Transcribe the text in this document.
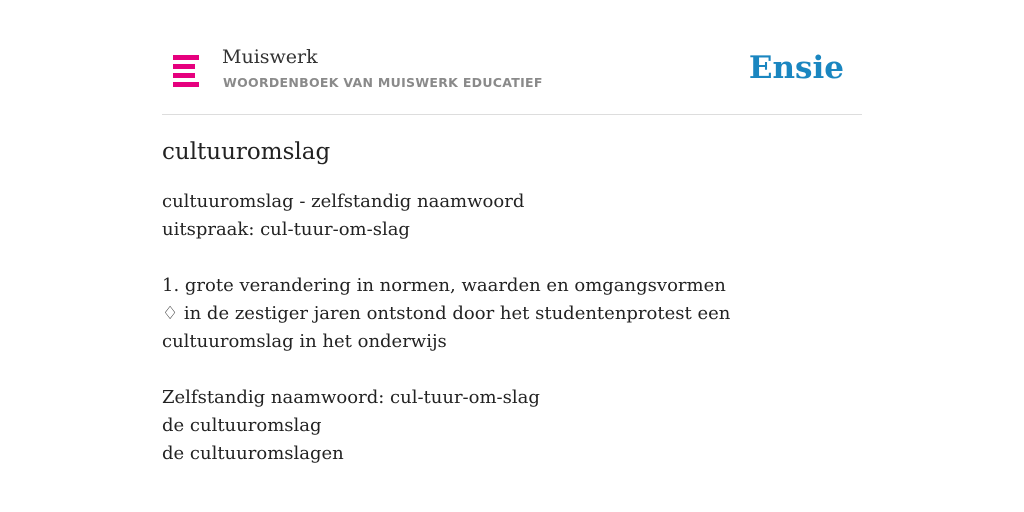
Muiswerk
WOORDENBOEK VAN MUISWERK EDUCATIEF	Ensie
cultuuromslag
cultuuromslag - zelfstandig naamwoord
uitspraak: cul-tuur-om-slag
1. grote verandering in normen, waarden en omgangsvormen
♢ in de zestiger jaren ontstond door het studentenprotest een cultuuromslag in het onderwijs
Zelfstandig naamwoord: cul-tuur-om-slag
de cultuuromslag
de cultuuromslagen
